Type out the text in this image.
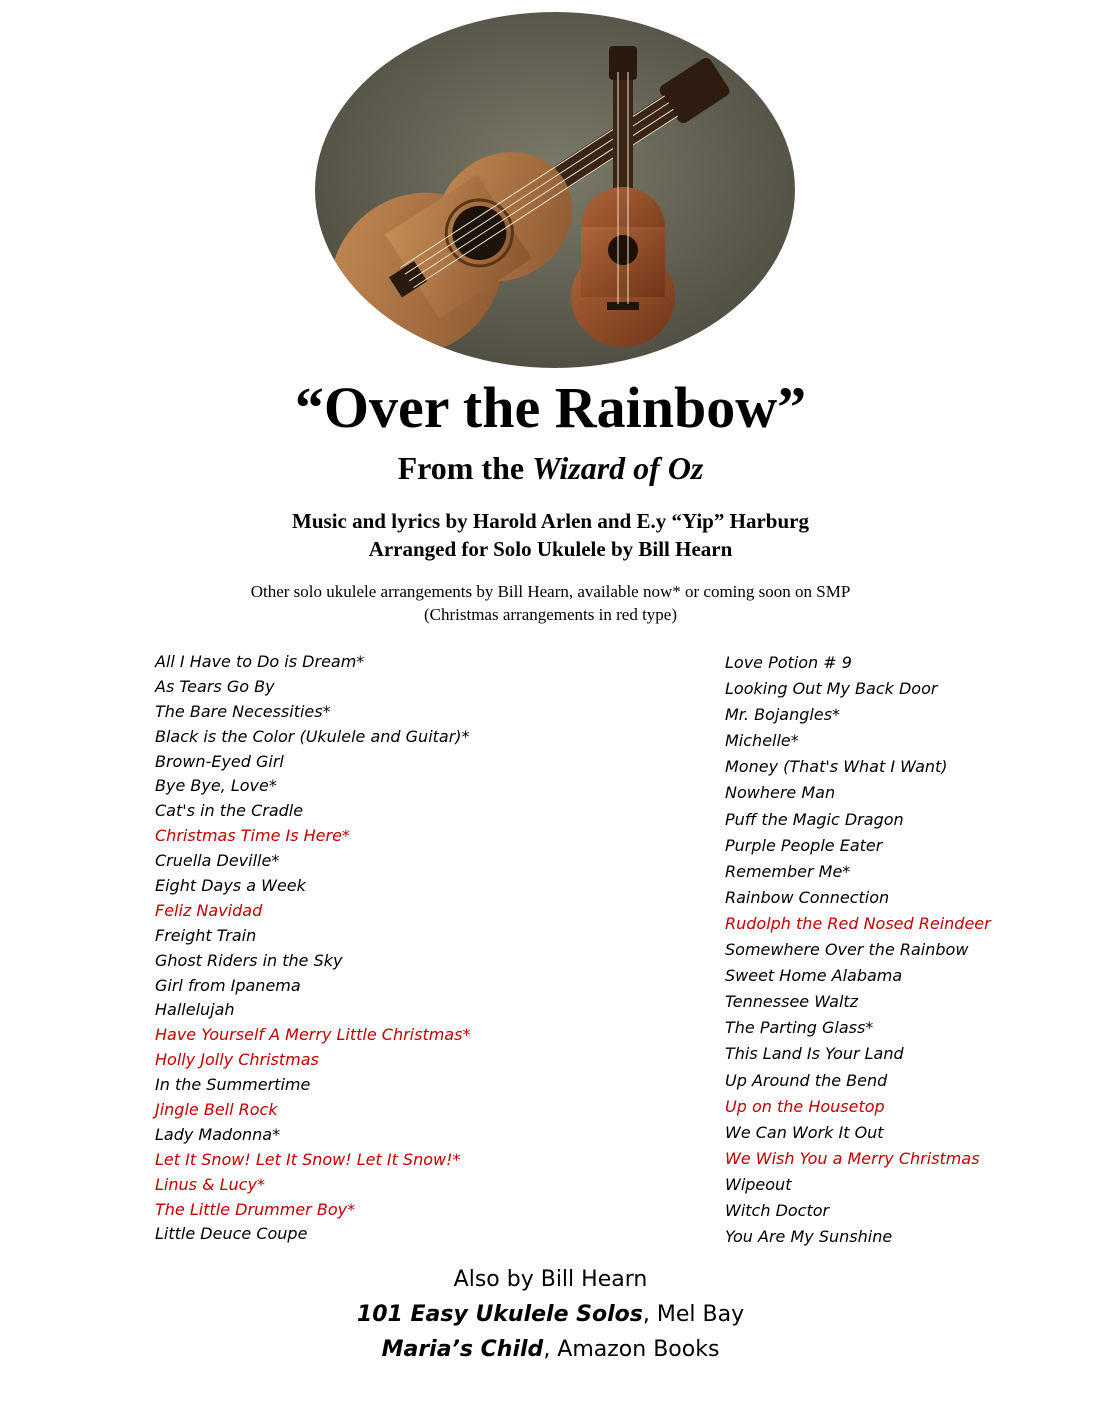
“Over the Rainbow”
From the Wizard of Oz
Music and lyrics by Harold Arlen and E.y “Yip” Harburg
Arranged for Solo Ukulele by Bill Hearn
Other solo ukulele arrangements by Bill Hearn, available now* or coming soon on SMP
(Christmas arrangements in red type)
All I Have to Do is Dream*
As Tears Go By
The Bare Necessities*
Black is the Color (Ukulele and Guitar)*
Brown-Eyed Girl
Bye Bye, Love*
Cat's in the Cradle
Christmas Time Is Here*
Cruella Deville*
Eight Days a Week
Feliz Navidad
Freight Train
Ghost Riders in the Sky
Girl from Ipanema
Hallelujah
Have Yourself A Merry Little Christmas*
Holly Jolly Christmas
In the Summertime
Jingle Bell Rock
Lady Madonna*
Let It Snow! Let It Snow! Let It Snow!*
Linus & Lucy*
The Little Drummer Boy*
Little Deuce Coupe
Love Potion # 9
Looking Out My Back Door
Mr. Bojangles*
Michelle*
Money (That's What I Want)
Nowhere Man
Puff the Magic Dragon
Purple People Eater
Remember Me*
Rainbow Connection
Rudolph the Red Nosed Reindeer
Somewhere Over the Rainbow
Sweet Home Alabama
Tennessee Waltz
The Parting Glass*
This Land Is Your Land
Up Around the Bend
Up on the Housetop
We Can Work It Out
We Wish You a Merry Christmas
Wipeout
Witch Doctor
You Are My Sunshine
Also by Bill Hearn
101 Easy Ukulele Solos, Mel Bay
Maria’s Child, Amazon Books
